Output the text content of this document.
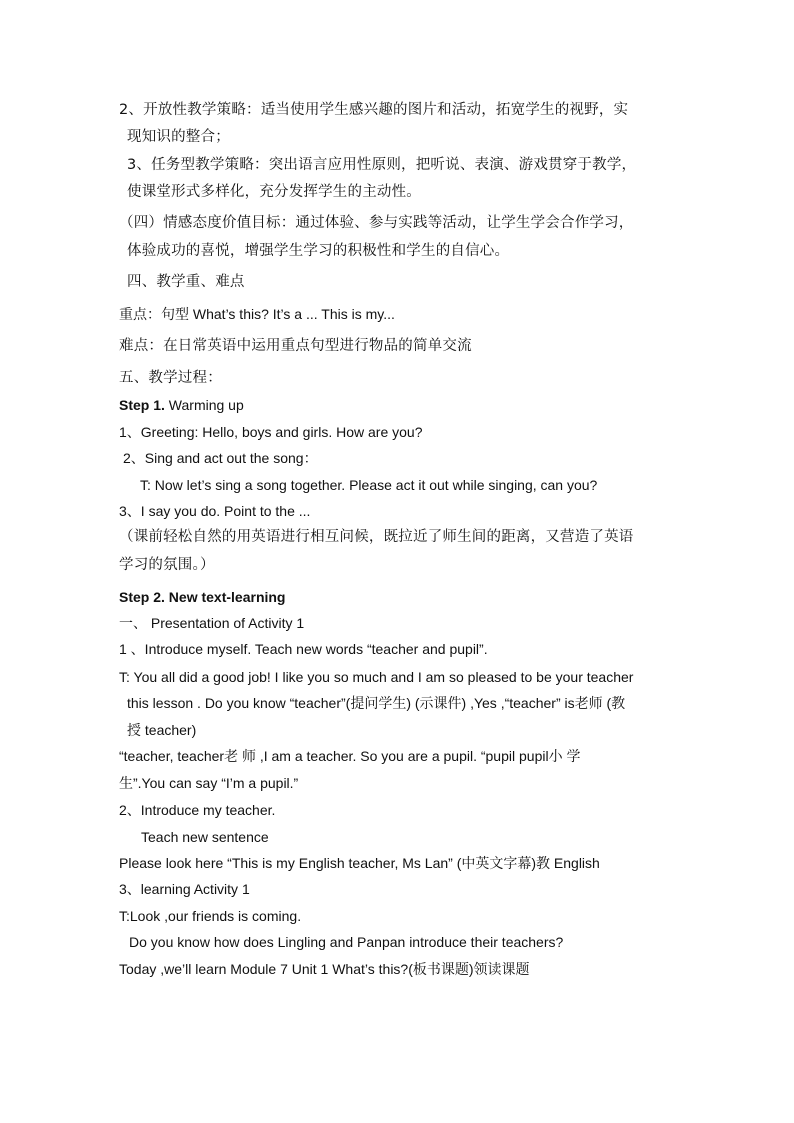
2、开放性教学策略：适当使用学生感兴趣的图片和活动，拓宽学生的视野，实

现知识的整合；

3、任务型教学策略：突出语言应用性原则，把听说、表演、游戏贯穿于教学，

使课堂形式多样化，充分发挥学生的主动性。

（四）情感态度价值目标：通过体验、参与实践等活动，让学生学会合作学习，

体验成功的喜悦，增强学生学习的积极性和学生的自信心。

四、教学重、难点

重点：句型 What’s this? It’s a ... This is my...

难点：在日常英语中运用重点句型进行物品的简单交流

五、教学过程：

Step 1. Warming up

1、Greeting: Hello, boys and girls. How are you?

2、Sing and act out the song：

T: Now let’s sing a song together. Please act it out while singing, can you?

3、I say you do. Point to the ...

（课前轻松自然的用英语进行相互问候，既拉近了师生间的距离，又营造了英语

学习的氛围。）

Step 2. New text-learning

一、 Presentation of Activity 1

1 、Introduce myself. Teach new words “teacher and pupil”.

T: You all did a good job! I like you so much and I am so pleased to be your teacher

this lesson . Do you know “teacher”(提问学生) (示课件) ,Yes ,“teacher” is老师 (教

授 teacher)

“teacher, teacher老 师 ,I am a teacher. So you are a pupil. “pupil pupil小 学

生”.You can say “I’m a pupil.”

2、Introduce my teacher.

Teach new sentence

Please look here “This is my English teacher, Ms Lan” (中英文字幕)教 English

3、learning Activity 1

T:Look ,our friends is coming.

Do you know how does Lingling and Panpan introduce their teachers?

Today ,we’ll learn Module 7 Unit 1 What’s this?(板书课题)领读课题
